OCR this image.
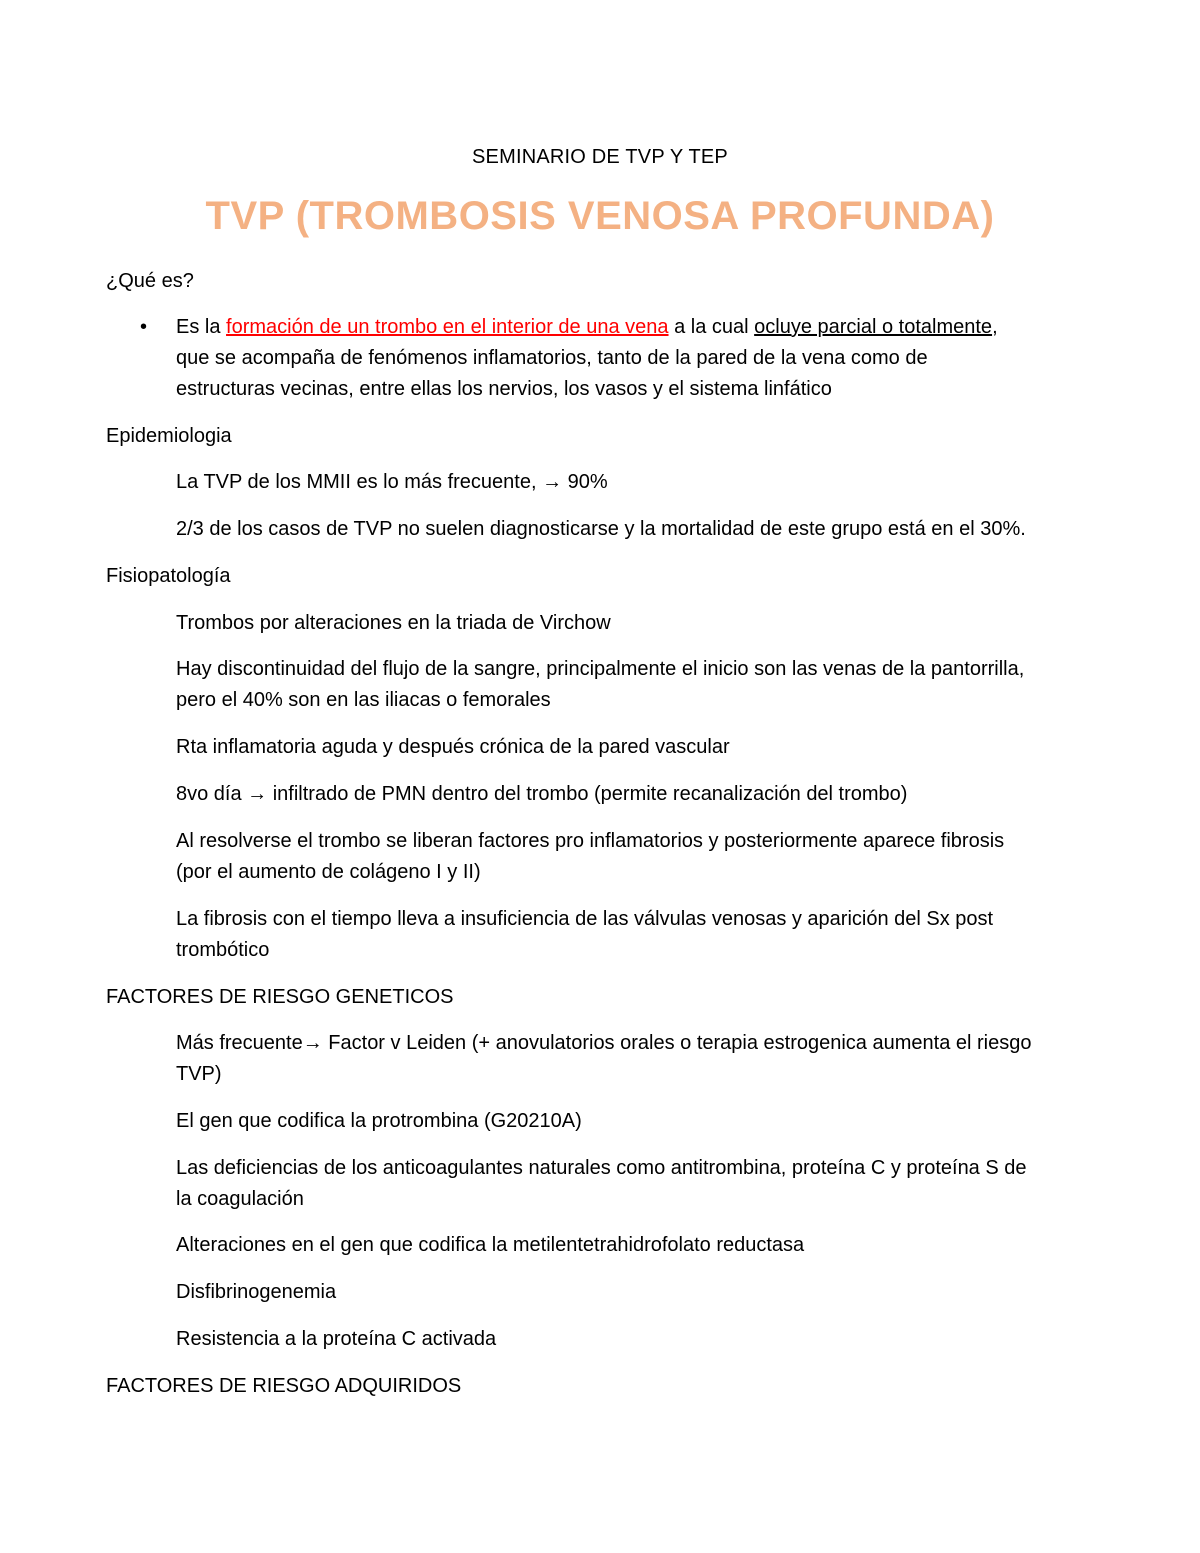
SEMINARIO DE TVP Y TEP
TVP (TROMBOSIS VENOSA PROFUNDA)
¿Qué es?
• Es la formación de un trombo en el interior de una vena a la cual ocluye parcial o totalmente,
que se acompaña de fenómenos inflamatorios, tanto de la pared de la vena como de
estructuras vecinas, entre ellas los nervios, los vasos y el sistema linfático
Epidemiologia
La TVP de los MMII es lo más frecuente, → 90%
2/3 de los casos de TVP no suelen diagnosticarse y la mortalidad de este grupo está en el 30%.
Fisiopatología
Trombos por alteraciones en la triada de Virchow
Hay discontinuidad del flujo de la sangre, principalmente el inicio son las venas de la pantorrilla,
pero el 40% son en las iliacas o femorales
Rta inflamatoria aguda y después crónica de la pared vascular
8vo día → infiltrado de PMN dentro del trombo (permite recanalización del trombo)
Al resolverse el trombo se liberan factores pro inflamatorios y posteriormente aparece fibrosis
(por el aumento de colágeno I y II)
La fibrosis con el tiempo lleva a insuficiencia de las válvulas venosas y aparición del Sx post
trombótico
FACTORES DE RIESGO GENETICOS
Más frecuente→ Factor v Leiden (+ anovulatorios orales o terapia estrogenica aumenta el riesgo
TVP)
El gen que codifica la protrombina (G20210A)
Las deficiencias de los anticoagulantes naturales como antitrombina, proteína C y proteína S de
la coagulación
Alteraciones en el gen que codifica la metilentetrahidrofolato reductasa
Disfibrinogenemia
Resistencia a la proteína C activada
FACTORES DE RIESGO ADQUIRIDOS
